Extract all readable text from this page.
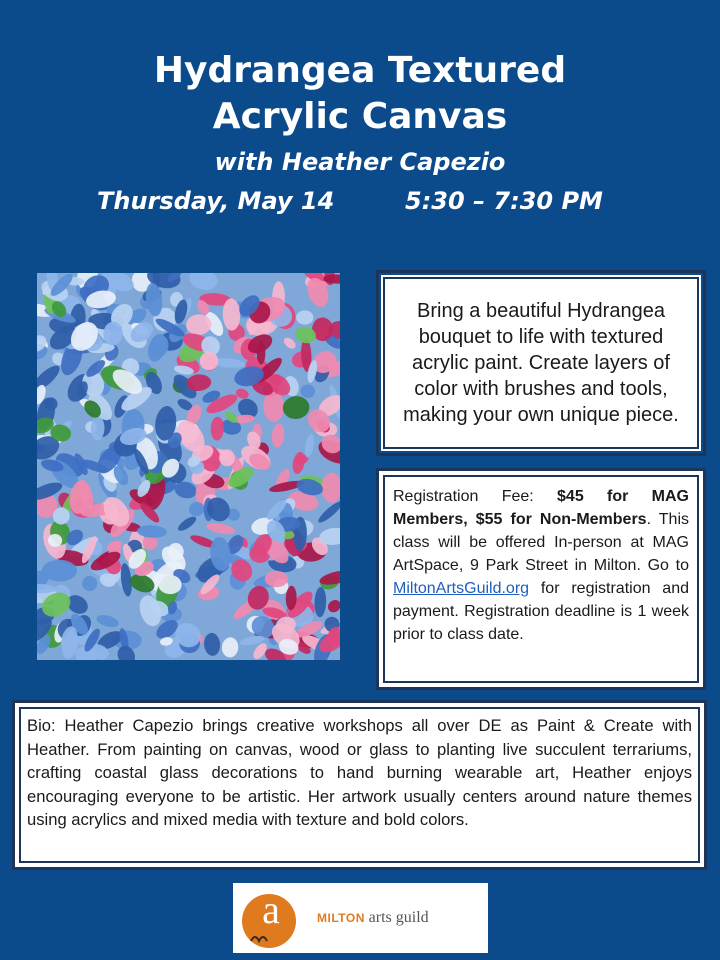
Hydrangea Textured
Acrylic Canvas
with Heather Capezio
Thursday, May 14	5:30 – 7:30 PM
Bring a beautiful Hydrangea bouquet to life with textured acrylic paint. Create layers of color with brushes and tools, making your own unique piece.
Registration Fee: $45 for MAG Members, $55 for Non-Members. This class will be offered In-person at MAG ArtSpace, 9 Park Street in Milton. Go to MiltonArtsGuild.org for registration and payment. Registration deadline is 1 week prior to class date.
Bio: Heather Capezio brings creative workshops all over DE as Paint & Create with Heather. From painting on canvas, wood or glass to planting live succulent terrariums, crafting coastal glass decorations to hand burning wearable art, Heather enjoys encouraging everyone to be artistic. Her artwork usually centers around nature themes using acrylics and mixed media with texture and bold colors.
a	MILTON arts guild
